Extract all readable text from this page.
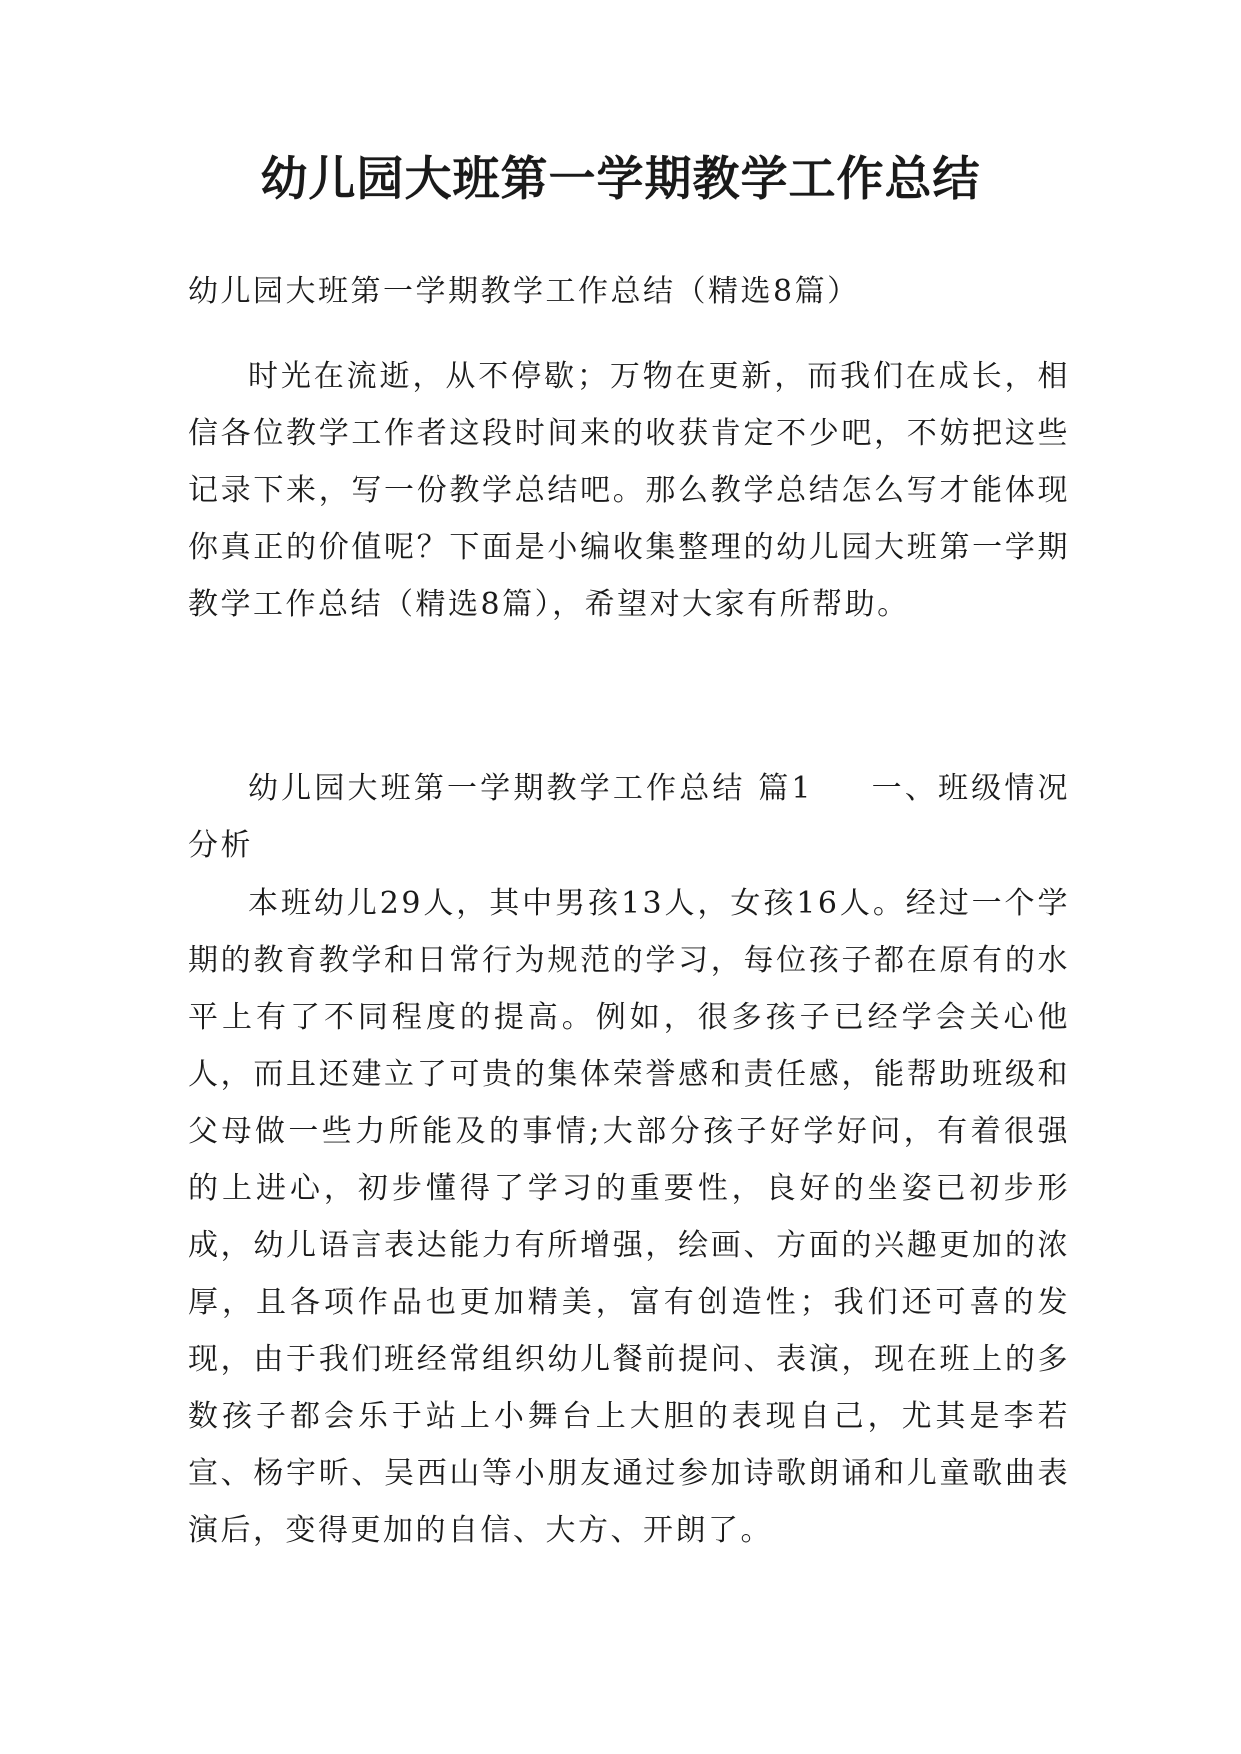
幼儿园大班第一学期教学工作总结

幼儿园大班第一学期教学工作总结（精选8篇）

时光在流逝，从不停歇；万物在更新，而我们在成长，相信各位教学工作者这段时间来的收获肯定不少吧，不妨把这些记录下来，写一份教学总结吧。那么教学总结怎么写才能体现你真正的价值呢？下面是小编收集整理的幼儿园大班第一学期教学工作总结（精选8篇），希望对大家有所帮助。

幼儿园大班第一学期教学工作总结 篇1 一、班级情况分析

本班幼儿29人，其中男孩13人，女孩16人。经过一个学期的教育教学和日常行为规范的学习，每位孩子都在原有的水平上有了不同程度的提高。例如，很多孩子已经学会关心他人，而且还建立了可贵的集体荣誉感和责任感，能帮助班级和父母做一些力所能及的事情;大部分孩子好学好问，有着很强的上进心，初步懂得了学习的重要性，良好的坐姿已初步形成，幼儿语言表达能力有所增强，绘画、方面的兴趣更加的浓厚，且各项作品也更加精美，富有创造性；我们还可喜的发现，由于我们班经常组织幼儿餐前提问、表演，现在班上的多数孩子都会乐于站上小舞台上大胆的表现自己，尤其是李若宣、杨宇昕、吴西山等小朋友通过参加诗歌朗诵和儿童歌曲表演后，变得更加的自信、大方、开朗了。
